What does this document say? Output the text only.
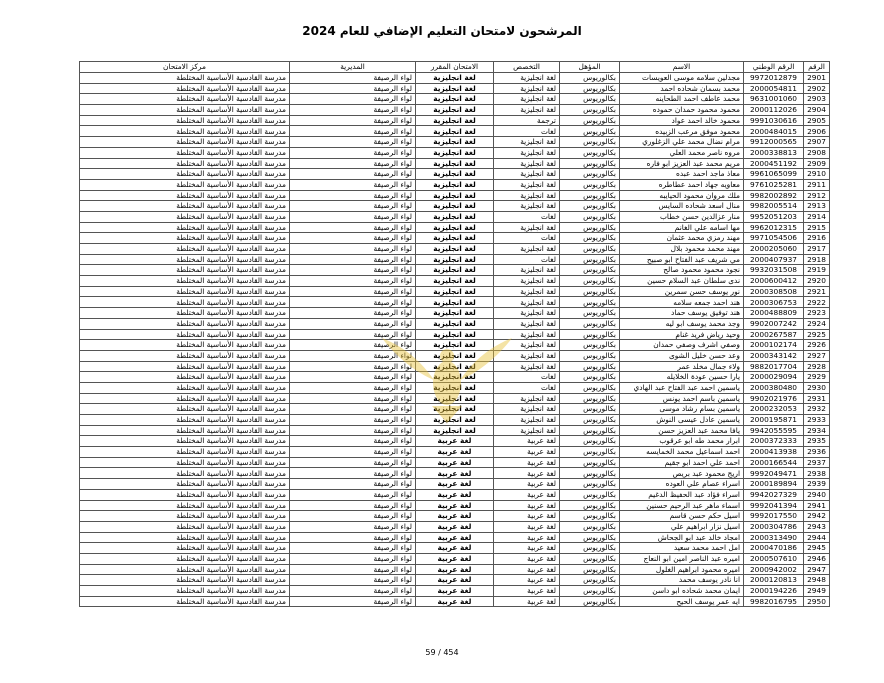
المرشحون لامتحان التعليم الإضافي للعام 2024
الرقم	الرقم الوطني	الاسم	المؤهل	التخصص	الامتحان المقرر	المديرية	مركز الامتحان
2901	9972012879	مجدلين سلامه موسى العويسات	بكالوريوس	لغة انجليزية	لغة انجليزية	لواء الرصيفة	مدرسة القادسية الأساسية المختلطة
2902	2000054811	محمد بسمان شحاده احمد	بكالوريوس	لغة انجليزية	لغة انجليزية	لواء الرصيفة	مدرسة القادسية الأساسية المختلطة
2903	9631001060	محمد عاطف احمد الطحاينه	بكالوريوس	لغة انجليزية	لغة انجليزية	لواء الرصيفة	مدرسة القادسية الأساسية المختلطة
2904	2000112026	محمود محمود حمدان حموده	بكالوريوس	لغة انجليزية	لغة انجليزية	لواء الرصيفة	مدرسة القادسية الأساسية المختلطة
2905	9991030616	محمود خالد احمد عواد	بكالوريوس	ترجمة	لغة انجليزية	لواء الرصيفة	مدرسة القادسية الأساسية المختلطة
2906	2000484015	محمود موفق مرعب الزبيده	بكالوريوس	لغات	لغة انجليزية	لواء الرصيفة	مدرسة القادسية الأساسية المختلطة
2907	9912000565	مرام نضال محمد علي الزغلوري	بكالوريوس	لغة انجليزية	لغة انجليزية	لواء الرصيفة	مدرسة القادسية الأساسية المختلطة
2908	2000338813	مروه ناصر محمد العلي	بكالوريوس	لغة انجليزية	لغة انجليزية	لواء الرصيفة	مدرسة القادسية الأساسية المختلطة
2909	2000451192	مريم محمد عبد العزيز ابو فاره	بكالوريوس	لغة انجليزية	لغة انجليزية	لواء الرصيفة	مدرسة القادسية الأساسية المختلطة
2910	9961065099	معاذ ماجد احمد عبده	بكالوريوس	لغة انجليزية	لغة انجليزية	لواء الرصيفة	مدرسة القادسية الأساسية المختلطة
2911	9761025281	معاويه جهاد احمد عطاطره	بكالوريوس	لغة انجليزية	لغة انجليزية	لواء الرصيفة	مدرسة القادسية الأساسية المختلطة
2912	9982002892	ملك مروان محمود الحيايبه	بكالوريوس	لغة انجليزية	لغة انجليزية	لواء الرصيفة	مدرسة القادسية الأساسية المختلطة
2913	9982005514	منال اسعد شحاده السايس	بكالوريوس	لغة انجليزية	لغة انجليزية	لواء الرصيفة	مدرسة القادسية الأساسية المختلطة
2914	9952051203	منار عزالدين حسن خطاب	بكالوريوس	لغات	لغة انجليزية	لواء الرصيفة	مدرسة القادسية الأساسية المختلطة
2915	9962012315	مها اسامه علي الغانم	بكالوريوس	لغة انجليزية	لغة انجليزية	لواء الرصيفة	مدرسة القادسية الأساسية المختلطة
2916	9971054506	مهند رمزي محمد عثمان	بكالوريوس	لغات	لغة انجليزية	لواء الرصيفة	مدرسة القادسية الأساسية المختلطة
2917	2000205060	مهند محمد محمود بلال	بكالوريوس	لغة انجليزية	لغة انجليزية	لواء الرصيفة	مدرسة القادسية الأساسية المختلطة
2918	2000407937	مي شريف عبد الفتاح ابو صبيح	بكالوريوس	لغات	لغة انجليزية	لواء الرصيفة	مدرسة القادسية الأساسية المختلطة
2919	9932031508	نجود محمود محمود صالح	بكالوريوس	لغة انجليزية	لغة انجليزية	لواء الرصيفة	مدرسة القادسية الأساسية المختلطة
2920	2000600412	ندى سلطان عبد السلام حسين	بكالوريوس	لغة انجليزية	لغة انجليزية	لواء الرصيفة	مدرسة القادسية الأساسية المختلطة
2921	2000308508	نور يوسف حسن سمرين	بكالوريوس	لغة انجليزية	لغة انجليزية	لواء الرصيفة	مدرسة القادسية الأساسية المختلطة
2922	2000306753	هند احمد جمعه سلامه	بكالوريوس	لغة انجليزية	لغة انجليزية	لواء الرصيفة	مدرسة القادسية الأساسية المختلطة
2923	2000488809	هند توفيق يوسف حماد	بكالوريوس	لغة انجليزية	لغة انجليزية	لواء الرصيفة	مدرسة القادسية الأساسية المختلطة
2924	9902007242	وجد محمد يوسف ابو ليه	بكالوريوس	لغة انجليزية	لغة انجليزية	لواء الرصيفة	مدرسة القادسية الأساسية المختلطة
2925	2000267587	وحيد رياض فريد غنام	بكالوريوس	لغة انجليزية	لغة انجليزية	لواء الرصيفة	مدرسة القادسية الأساسية المختلطة
2926	2000102174	وصفي اشرف وصفي حمدان	بكالوريوس	لغة انجليزية	لغة انجليزية	لواء الرصيفة	مدرسة القادسية الأساسية المختلطة
2927	2000343142	وعد حسن خليل الشوى	بكالوريوس	لغة انجليزية	لغة انجليزية	لواء الرصيفة	مدرسة القادسية الأساسية المختلطة
2928	9882017704	ولاء جمال مخلد عمر	بكالوريوس	لغة انجليزية	لغة انجليزية	لواء الرصيفة	مدرسة القادسية الأساسية المختلطة
2929	2000029094	يارا حسين عودة الخلايله	بكالوريوس	لغات	لغة انجليزية	لواء الرصيفة	مدرسة القادسية الأساسية المختلطة
2930	2000380480	ياسمين احمد عبد الفتاح عبد الهادي	بكالوريوس	لغات	لغة انجليزية	لواء الرصيفة	مدرسة القادسية الأساسية المختلطة
2931	9902021976	ياسمين باسم احمد يونس	بكالوريوس	لغة انجليزية	لغة انجليزية	لواء الرصيفة	مدرسة القادسية الأساسية المختلطة
2932	2000232053	ياسمين بسام رشاد موسى	بكالوريوس	لغة انجليزية	لغة انجليزية	لواء الرصيفة	مدرسة القادسية الأساسية المختلطة
2933	2000195871	ياسمين عادل عيسى النوش	بكالوريوس	لغة انجليزية	لغة انجليزية	لواء الرصيفة	مدرسة القادسية الأساسية المختلطة
2934	9942055595	يافا محمد عبد العزيز حسن	بكالوريوس	لغة انجليزية	لغة انجليزية	لواء الرصيفة	مدرسة القادسية الأساسية المختلطة
2935	2000372333	ابرار محمد طه ابو عرقوب	بكالوريوس	لغة عربية	لغة عربية	لواء الرصيفة	مدرسة القادسية الأساسية المختلطة
2936	2000413938	احمد اسماعيل محمد الخمايسه	بكالوريوس	لغة عربية	لغة عربية	لواء الرصيفة	مدرسة القادسية الأساسية المختلطة
2937	2000166544	احمد علي احمد ابو جقيم	بكالوريوس	لغة عربية	لغة عربية	لواء الرصيفة	مدرسة القادسية الأساسية المختلطة
2938	9992049471	اريج محمود عبد بريص	بكالوريوس	لغة عربية	لغة عربية	لواء الرصيفة	مدرسة القادسية الأساسية المختلطة
2939	2000189894	اسراء عصام علي العوده	بكالوريوس	لغة عربية	لغة عربية	لواء الرصيفة	مدرسة القادسية الأساسية المختلطة
2940	9942027329	اسراء فؤاد عبد الحفيظ الدغيم	بكالوريوس	لغة عربية	لغة عربية	لواء الرصيفة	مدرسة القادسية الأساسية المختلطة
2941	9992041394	اسماء ماهر عبد الرحيم حسنين	بكالوريوس	لغة عربية	لغة عربية	لواء الرصيفة	مدرسة القادسية الأساسية المختلطة
2942	9992017550	اسيل حكم حسن قاسم	بكالوريوس	لغة عربية	لغة عربية	لواء الرصيفة	مدرسة القادسية الأساسية المختلطة
2943	2000304786	اسيل نزار ابراهيم علي	بكالوريوس	لغة عربية	لغة عربية	لواء الرصيفة	مدرسة القادسية الأساسية المختلطة
2944	2000313490	امجاد خالد عبد ابو الجحاش	بكالوريوس	لغة عربية	لغة عربية	لواء الرصيفة	مدرسة القادسية الأساسية المختلطة
2945	2000470186	امل احمد محمد سعيد	بكالوريوس	لغة عربية	لغة عربية	لواء الرصيفة	مدرسة القادسية الأساسية المختلطة
2946	2000507610	اميره عبد الناصر امين ابو النعاج	بكالوريوس	لغة عربية	لغة عربية	لواء الرصيفة	مدرسة القادسية الأساسية المختلطة
2947	2000942002	اميره محمود ابراهيم الغلول	بكالوريوس	لغة عربية	لغة عربية	لواء الرصيفة	مدرسة القادسية الأساسية المختلطة
2948	2000120813	انا نادر يوسف محمد	بكالوريوس	لغة عربية	لغة عربية	لواء الرصيفة	مدرسة القادسية الأساسية المختلطة
2949	2000194226	ايمان محمد شحاده ابو داسن	بكالوريوس	لغة عربية	لغة عربية	لواء الرصيفة	مدرسة القادسية الأساسية المختلطة
2950	9982016795	ايه عمر يوسف الحيح	بكالوريوس	لغة عربية	لغة عربية	لواء الرصيفة	مدرسة القادسية الأساسية المختلطة
59 / 454
